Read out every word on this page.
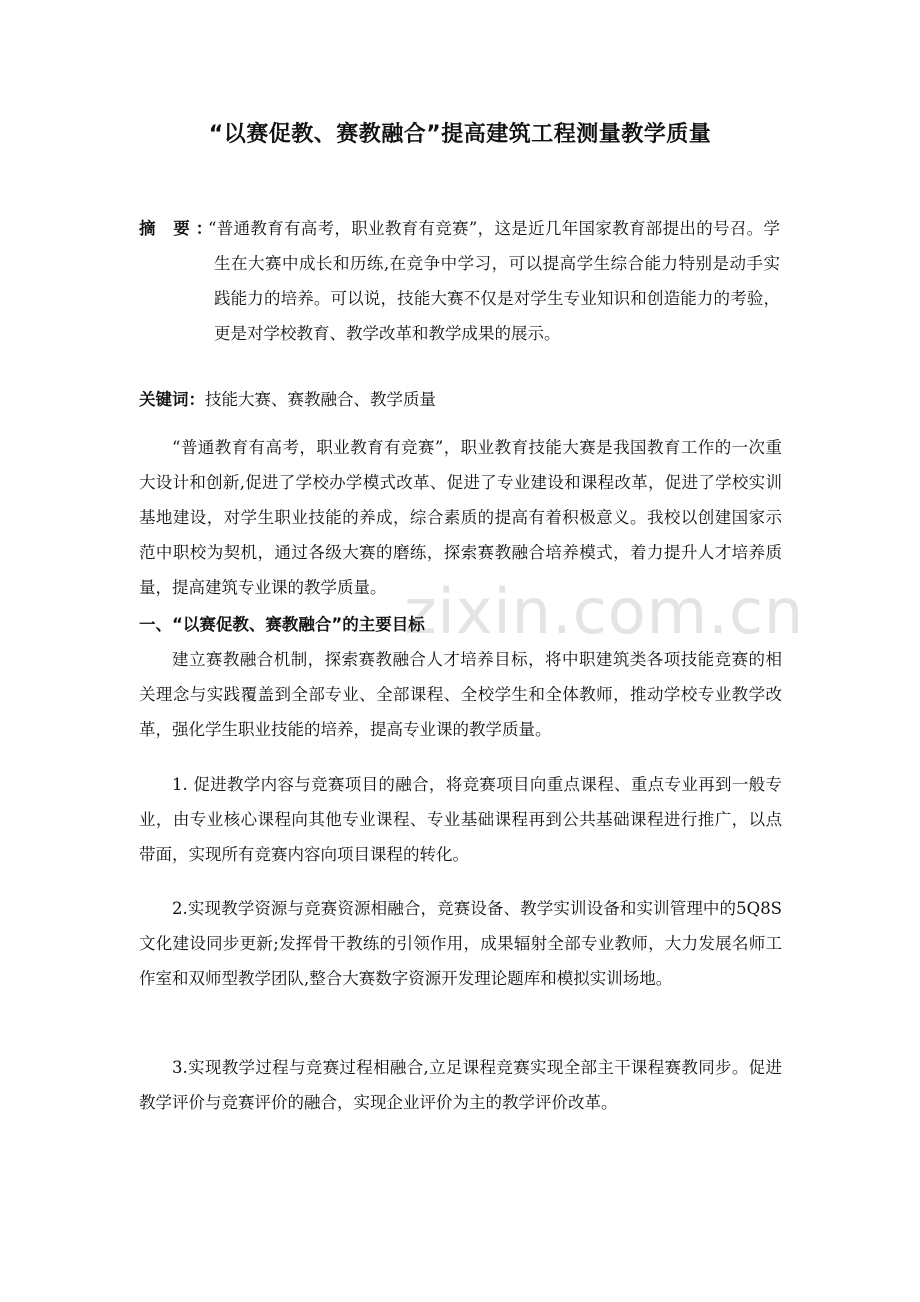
zixin.com.cn
“以赛促教、赛教融合”提高建筑工程测量教学质量
摘 要：
“普通教育有高考，职业教育有竞赛”，这是近几年国家教育部提出的号召。学生在大赛中成长和历练,在竞争中学习，可以提高学生综合能力特别是动手实践能力的培养。可以说，技能大赛不仅是对学生专业知识和创造能力的考验，更是对学校教育、教学改革和教学成果的展示。
关键词：技能大赛、赛教融合、教学质量
“普通教育有高考，职业教育有竞赛”，职业教育技能大赛是我国教育工作的一次重大设计和创新,促进了学校办学模式改革、促进了专业建设和课程改革，促进了学校实训基地建设，对学生职业技能的养成，综合素质的提高有着积极意义。我校以创建国家示范中职校为契机，通过各级大赛的磨练，探索赛教融合培养模式，着力提升人才培养质量，提高建筑专业课的教学质量。
一、“以赛促教、赛教融合”的主要目标
建立赛教融合机制，探索赛教融合人才培养目标，将中职建筑类各项技能竞赛的相关理念与实践覆盖到全部专业、全部课程、全校学生和全体教师，推动学校专业教学改革，强化学生职业技能的培养，提高专业课的教学质量。
1. 促进教学内容与竞赛项目的融合，将竞赛项目向重点课程、重点专业再到一般专业，由专业核心课程向其他专业课程、专业基础课程再到公共基础课程进行推广，以点带面，实现所有竞赛内容向项目课程的转化。
2.实现教学资源与竞赛资源相融合，竞赛设备、教学实训设备和实训管理中的5Q8S文化建设同步更新;发挥骨干教练的引领作用，成果辐射全部专业教师，大力发展名师工作室和双师型教学团队,整合大赛数字资源开发理论题库和模拟实训场地。
3.实现教学过程与竞赛过程相融合,立足课程竞赛实现全部主干课程赛教同步。促进教学评价与竞赛评价的融合，实现企业评价为主的教学评价改革。
